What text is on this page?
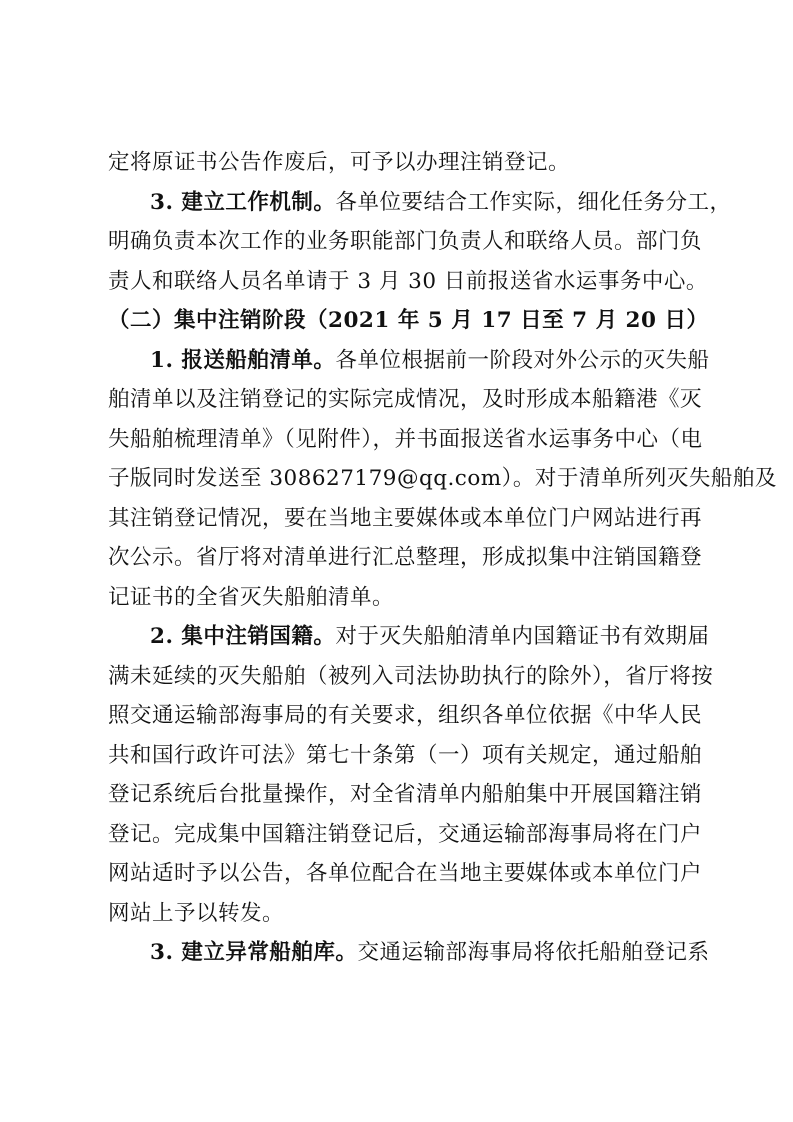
定将原证书公告作废后，可予以办理注销登记。
3. 建立工作机制。各单位要结合工作实际，细化任务分工，
明确负责本次工作的业务职能部门负责人和联络人员。部门负
责人和联络人员名单请于 3 月 30 日前报送省水运事务中心。
（二）集中注销阶段（2021 年 5 月 17 日至 7 月 20 日）
1. 报送船舶清单。各单位根据前一阶段对外公示的灭失船
舶清单以及注销登记的实际完成情况，及时形成本船籍港《灭
失船舶梳理清单》（见附件），并书面报送省水运事务中心（电
子版同时发送至 308627179@qq.com）。对于清单所列灭失船舶及
其注销登记情况，要在当地主要媒体或本单位门户网站进行再
次公示。省厅将对清单进行汇总整理，形成拟集中注销国籍登
记证书的全省灭失船舶清单。
2. 集中注销国籍。对于灭失船舶清单内国籍证书有效期届
满未延续的灭失船舶（被列入司法协助执行的除外），省厅将按
照交通运输部海事局的有关要求，组织各单位依据《中华人民
共和国行政许可法》第七十条第（一）项有关规定，通过船舶
登记系统后台批量操作，对全省清单内船舶集中开展国籍注销
登记。完成集中国籍注销登记后，交通运输部海事局将在门户
网站适时予以公告，各单位配合在当地主要媒体或本单位门户
网站上予以转发。
3. 建立异常船舶库。交通运输部海事局将依托船舶登记系
